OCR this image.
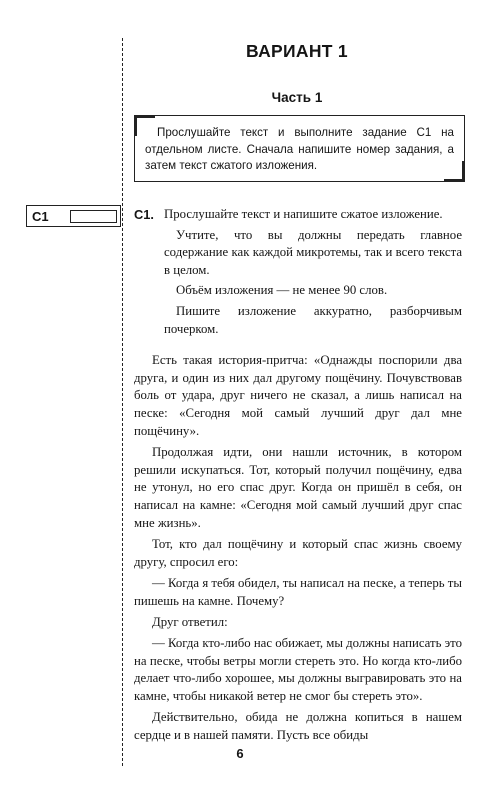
С1
ВАРИАНТ 1
Часть 1
Прослушайте текст и выполните задание С1 на отдельном листе. Сначала напишите номер задания, а затем текст сжатого изложения.
С1. Прослушайте текст и напишите сжатое изложение.

Учтите, что вы должны передать главное содержание как каждой микротемы, так и всего текста в целом.

Объём изложения — не менее 90 слов.

Пишите изложение аккуратно, разборчивым почерком.

Есть такая история-притча: «Однажды поспорили два друга, и один из них дал другому пощёчину. Почувствовав боль от удара, друг ничего не сказал, а лишь написал на песке: «Сегодня мой самый лучший друг дал мне пощёчину».

Продолжая идти, они нашли источник, в котором решили искупаться. Тот, который получил пощёчину, едва не утонул, но его спас друг. Когда он пришёл в себя, он написал на камне: «Сегодня мой самый лучший друг спас мне жизнь».

Тот, кто дал пощёчину и который спас жизнь своему другу, спросил его:

— Когда я тебя обидел, ты написал на песке, а теперь ты пишешь на камне. Почему?

Друг ответил:

— Когда кто-либо нас обижает, мы должны написать это на песке, чтобы ветры могли стереть это. Но когда кто-либо делает что-либо хорошее, мы должны выгравировать это на камне, чтобы никакой ветер не смог бы стереть это».

Действительно, обида не должна копиться в нашем сердце и в нашей памяти. Пусть все обиды

6
